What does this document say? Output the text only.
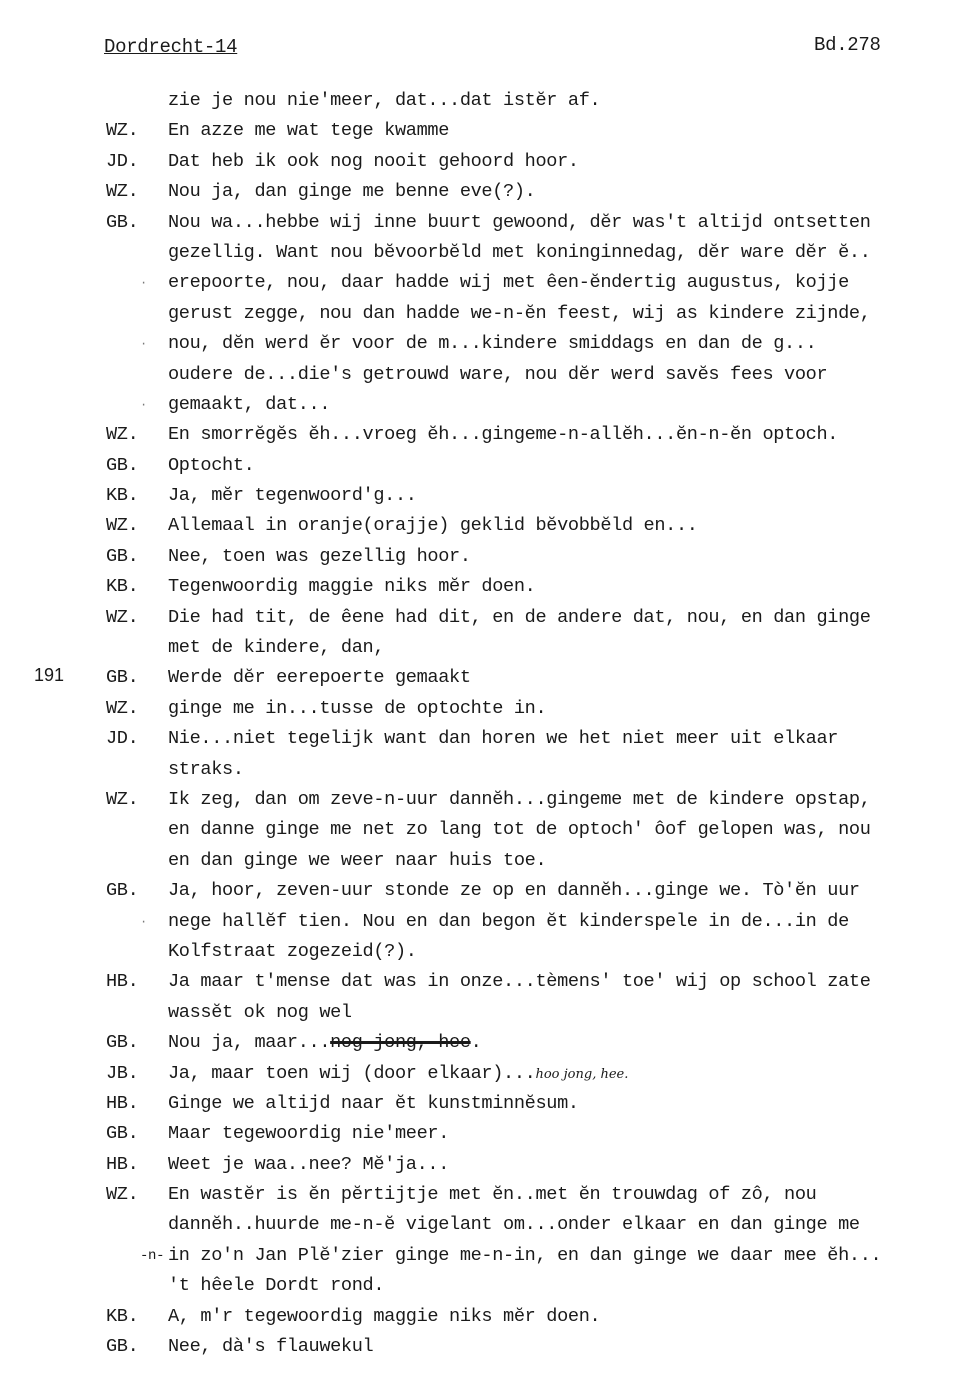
Dordrecht-14	Bd.278
191
zie je nou nie'meer, dat...dat istĕr af.
WZ. En azze me wat tege kwamme
JD. Dat heb ik ook nog nooit gehoord hoor.
WZ. Nou ja, dan ginge me benne eve(?).
GB. Nou wa...hebbe wij inne buurt gewoond, dĕr was't altijd ontsetten
gezellig. Want nou bĕvoorbĕld met koninginnedag, dĕr ware dĕr ĕ..
· erepoorte, nou, daar hadde wij met êen-ĕndertig augustus, kojje
gerust zegge, nou dan hadde we-n-ĕn feest, wij as kindere zijnde,
· nou, dĕn werd ĕr voor de m...kindere smiddags en dan de g...
oudere de...die's getrouwd ware, nou dĕr werd savĕs fees voor
· gemaakt, dat...
WZ. En smorrĕgĕs ĕh...vroeg ĕh...gingeme-n-allĕh...ĕn-n-ĕn optoch.
GB. Optocht.
KB. Ja, mĕr tegenwoord'g...
WZ. Allemaal in oranje(orajje) geklid bĕvobbĕld en...
GB. Nee, toen was gezellig hoor.
KB. Tegenwoordig maggie niks mĕr doen.
WZ. Die had tit, de êene had dit, en de andere dat, nou, en dan ginge
met de kindere, dan,
GB. Werde dĕr eerepoerte gemaakt
WZ. ginge me in...tusse de optochte in.
JD. Nie...niet tegelijk want dan horen we het niet meer uit elkaar
straks.
WZ. Ik zeg, dan om zeve-n-uur dannĕh...gingeme met de kindere opstap,
en danne ginge me net zo lang tot de optoch' ôof gelopen was, nou
en dan ginge we weer naar huis toe.
GB. Ja, hoor, zeven-uur stonde ze op en dannĕh...ginge we. Tò'ĕn uur
· nege hallĕf tien. Nou en dan begon ĕt kinderspele in de...in de
Kolfstraat zogezeid(?).
HB. Ja maar t'mense dat was in onze...tèmens' toe' wij op school zate
wassĕt ok nog wel
GB. Nou ja, maar...nog jong, hee.
JB. Ja, maar toen wij (door elkaar)...hoo jong, hee.
HB. Ginge we altijd naar ĕt kunstminnĕsum.
GB. Maar tegewoordig nie'meer.
HB. Weet je waa..nee? Mĕ'ja...
WZ. En wastĕr is ĕn pĕrtijtje met ĕn..met ĕn trouwdag of zô, nou
dannĕh..huurde me-n-ĕ vigelant om...onder elkaar en dan ginge me
-n- in zo'n Jan Plĕ'zier ginge me-n-in, en dan ginge we daar mee ĕh...
't hêele Dordt rond.
KB. A, m'r tegewoordig maggie niks mĕr doen.
GB. Nee, dà's flauwekul
